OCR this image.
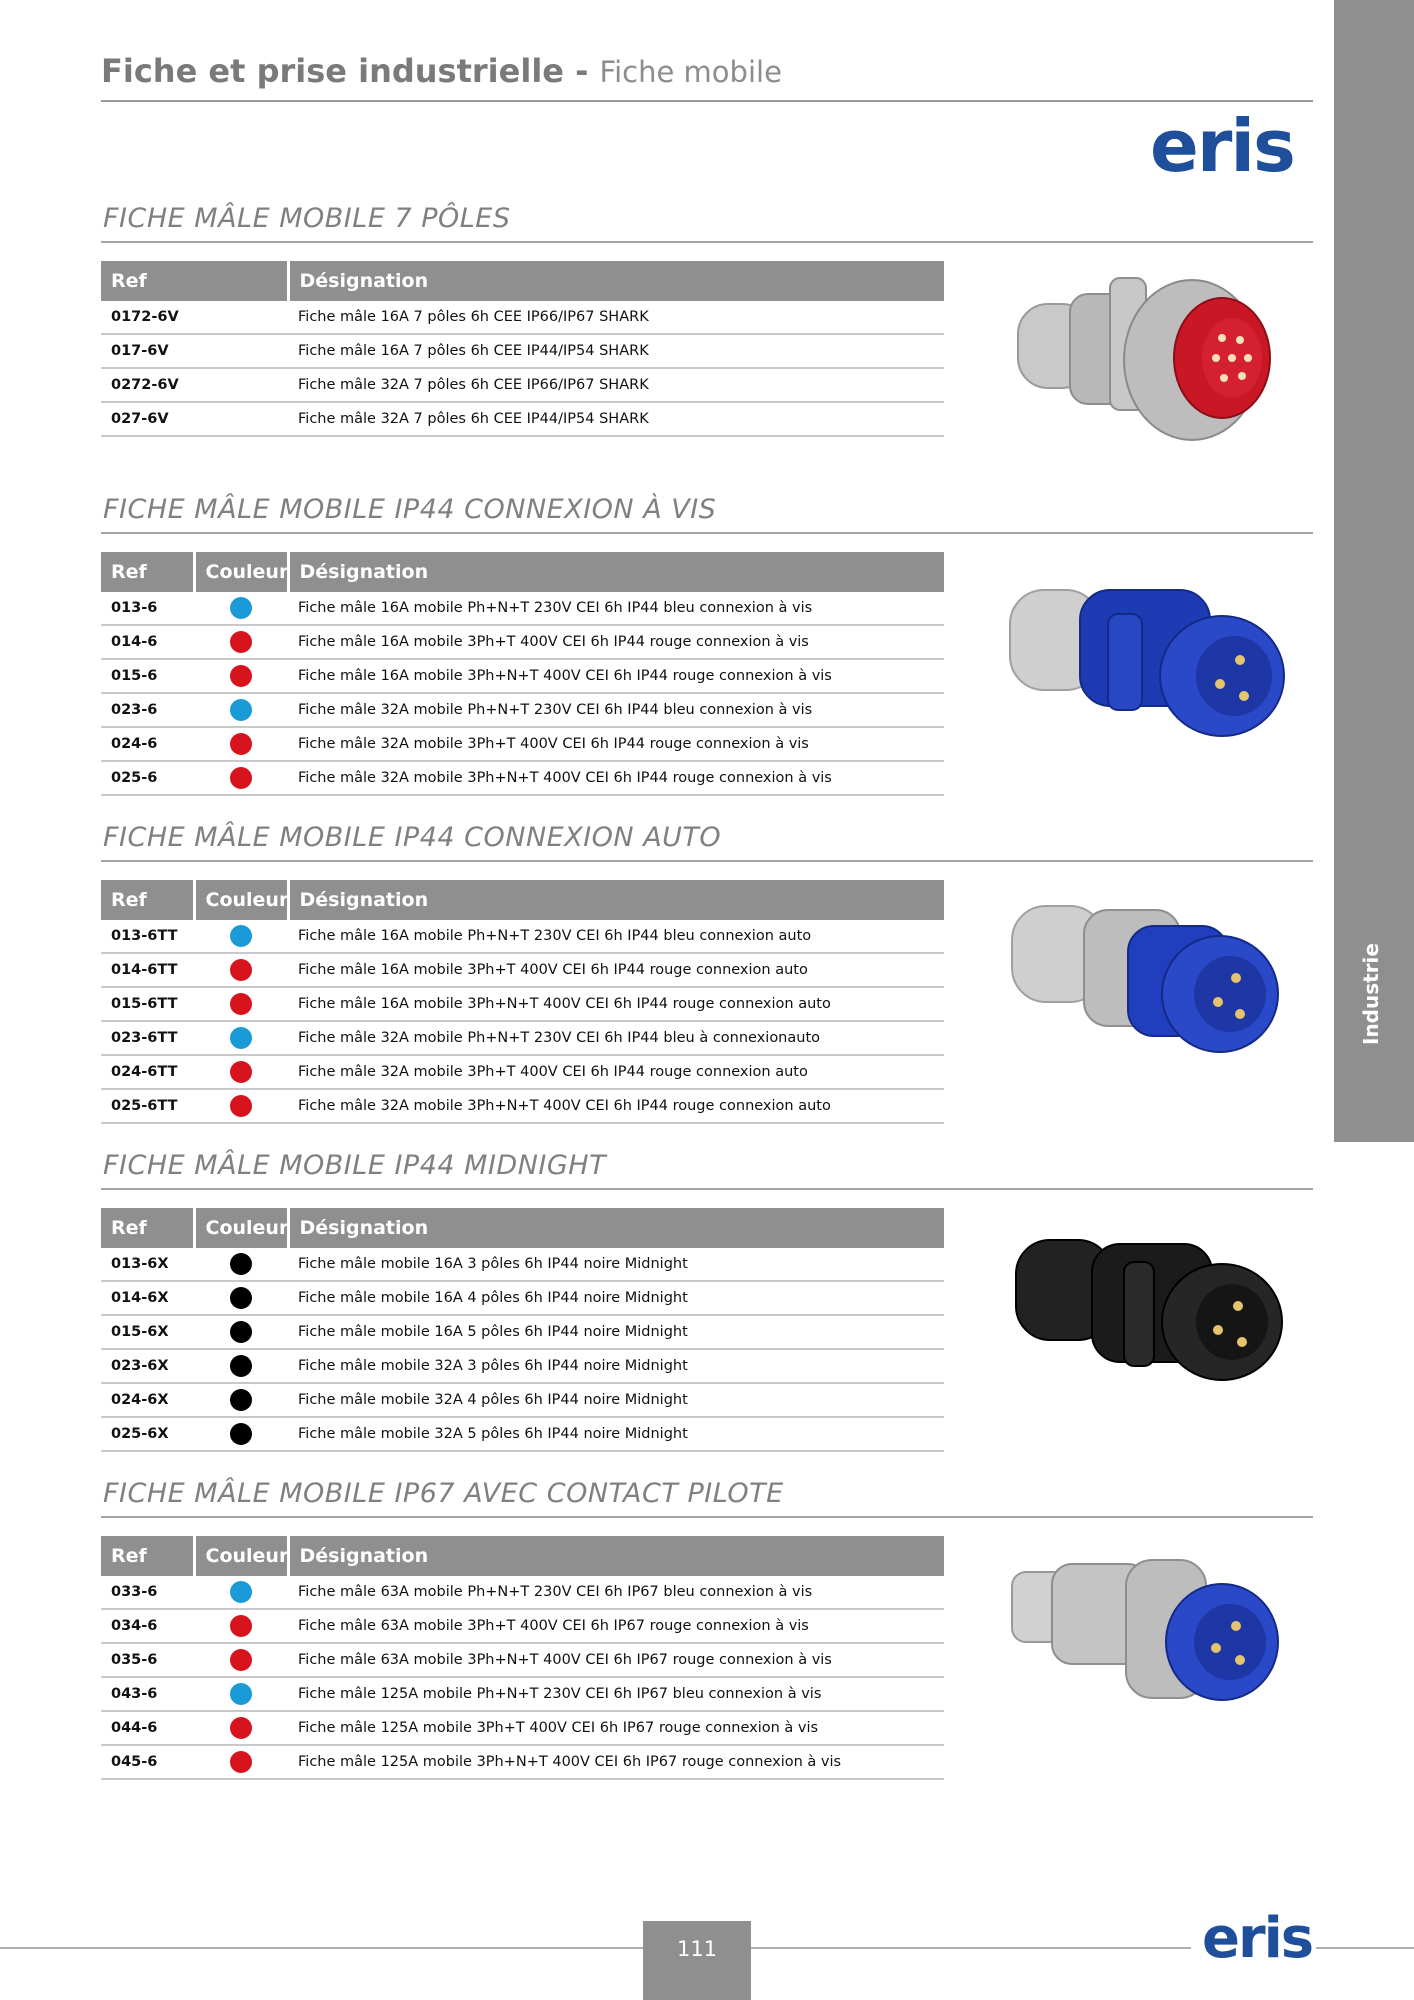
Fiche et prise industrielle - Fiche mobile
eris
Industrie
FICHE MÂLE MOBILE 7 PÔLES
Ref	Désignation
0172-6V	Fiche mâle 16A 7 pôles 6h CEE IP66/IP67 SHARK
017-6V	Fiche mâle 16A 7 pôles 6h CEE IP44/IP54 SHARK
0272-6V	Fiche mâle 32A 7 pôles 6h CEE IP66/IP67 SHARK
027-6V	Fiche mâle 32A 7 pôles 6h CEE IP44/IP54 SHARK
FICHE MÂLE MOBILE IP44 CONNEXION À VIS
Ref	Couleur	Désignation
013-6		Fiche mâle 16A mobile Ph+N+T 230V CEI 6h IP44 bleu connexion à vis
014-6		Fiche mâle 16A mobile 3Ph+T 400V CEI 6h IP44 rouge connexion à vis
015-6		Fiche mâle 16A mobile 3Ph+N+T 400V CEI 6h IP44 rouge connexion à vis
023-6		Fiche mâle 32A mobile Ph+N+T 230V CEI 6h IP44 bleu connexion à vis
024-6		Fiche mâle 32A mobile 3Ph+T 400V CEI 6h IP44 rouge connexion à vis
025-6		Fiche mâle 32A mobile 3Ph+N+T 400V CEI 6h IP44 rouge connexion à vis
FICHE MÂLE MOBILE IP44 CONNEXION AUTO
Ref	Couleur	Désignation
013-6TT		Fiche mâle 16A mobile Ph+N+T 230V CEI 6h IP44 bleu connexion auto
014-6TT		Fiche mâle 16A mobile 3Ph+T 400V CEI 6h IP44 rouge connexion auto
015-6TT		Fiche mâle 16A mobile 3Ph+N+T 400V CEI 6h IP44 rouge connexion auto
023-6TT		Fiche mâle 32A mobile Ph+N+T 230V CEI 6h IP44 bleu à connexionauto
024-6TT		Fiche mâle 32A mobile 3Ph+T 400V CEI 6h IP44 rouge connexion auto
025-6TT		Fiche mâle 32A mobile 3Ph+N+T 400V CEI 6h IP44 rouge connexion auto
FICHE MÂLE MOBILE IP44 MIDNIGHT
Ref	Couleur	Désignation
013-6X		Fiche mâle mobile 16A 3 pôles 6h IP44 noire Midnight
014-6X		Fiche mâle mobile 16A 4 pôles 6h IP44 noire Midnight
015-6X		Fiche mâle mobile 16A 5 pôles 6h IP44 noire Midnight
023-6X		Fiche mâle mobile 32A 3 pôles 6h IP44 noire Midnight
024-6X		Fiche mâle mobile 32A 4 pôles 6h IP44 noire Midnight
025-6X		Fiche mâle mobile 32A 5 pôles 6h IP44 noire Midnight
FICHE MÂLE MOBILE IP67 AVEC CONTACT PILOTE
Ref	Couleur	Désignation
033-6		Fiche mâle 63A mobile Ph+N+T 230V CEI 6h IP67 bleu connexion à vis
034-6		Fiche mâle 63A mobile 3Ph+T 400V CEI 6h IP67 rouge connexion à vis
035-6		Fiche mâle 63A mobile 3Ph+N+T 400V CEI 6h IP67 rouge connexion à vis
043-6		Fiche mâle 125A mobile Ph+N+T 230V CEI 6h IP67 bleu connexion à vis
044-6		Fiche mâle 125A mobile 3Ph+T 400V CEI 6h IP67 rouge connexion à vis
045-6		Fiche mâle 125A mobile 3Ph+N+T 400V CEI 6h IP67 rouge connexion à vis
111	eris
